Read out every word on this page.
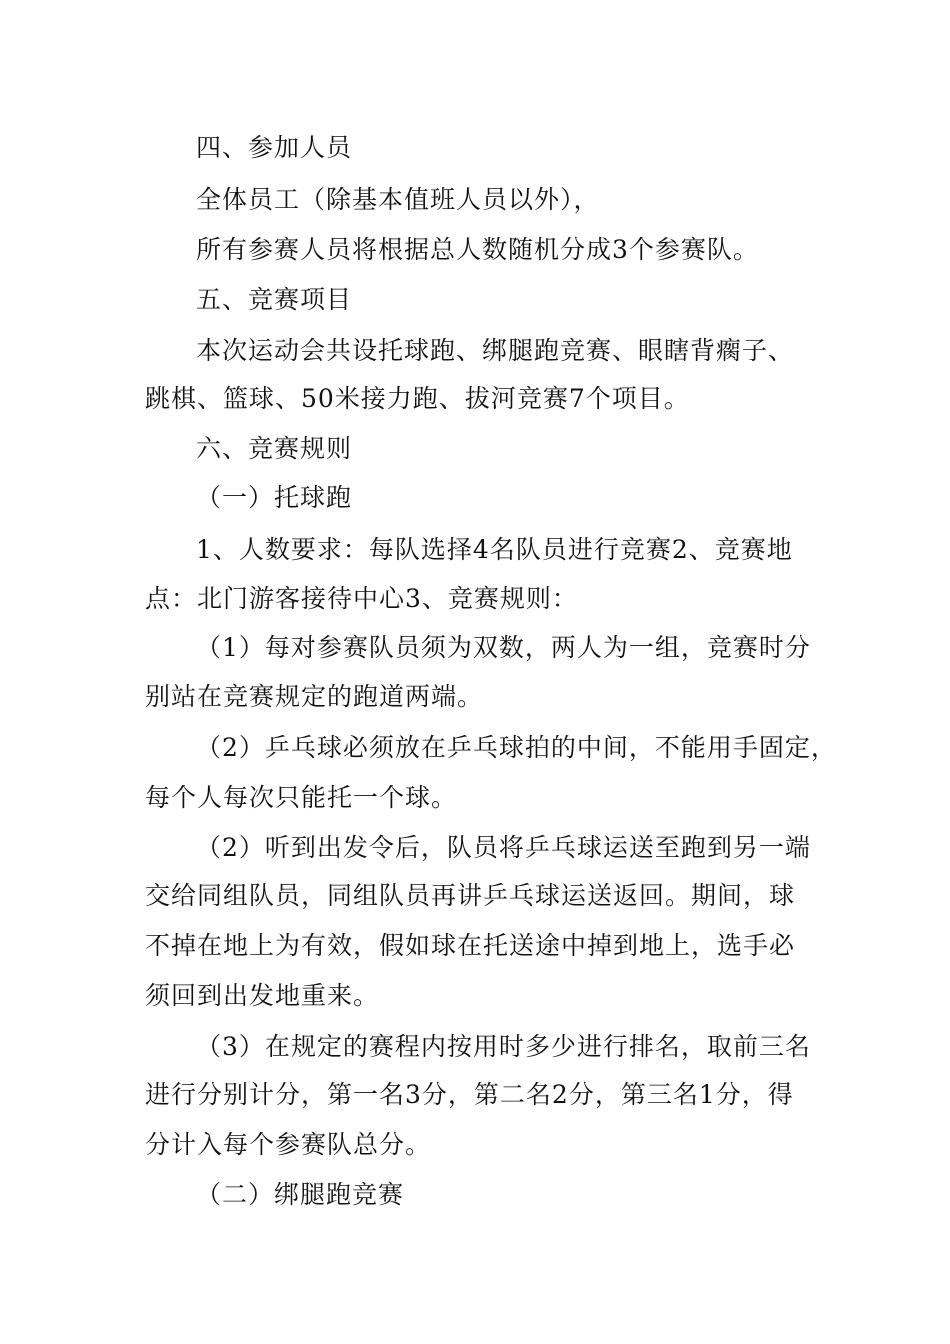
四、参加人员
全体员工（除基本值班人员以外），
所有参赛人员将根据总人数随机分成3个参赛队。
五、竞赛项目
本次运动会共设托球跑、绑腿跑竞赛、眼瞎背瘸子、
跳棋、篮球、50米接力跑、拔河竞赛7个项目。
六、竞赛规则
（一）托球跑
1、人数要求：每队选择4名队员进行竞赛2、竞赛地
点：北门游客接待中心3、竞赛规则：
（1）每对参赛队员须为双数，两人为一组，竞赛时分
别站在竞赛规定的跑道两端。
（2）乒乓球必须放在乒乓球拍的中间，不能用手固定，
每个人每次只能托一个球。
（2）听到出发令后，队员将乒乓球运送至跑到另一端
交给同组队员，同组队员再讲乒乓球运送返回。期间，球
不掉在地上为有效，假如球在托送途中掉到地上，选手必
须回到出发地重来。
（3）在规定的赛程内按用时多少进行排名，取前三名
进行分别计分，第一名3分，第二名2分，第三名1分，得
分计入每个参赛队总分。
（二）绑腿跑竞赛
